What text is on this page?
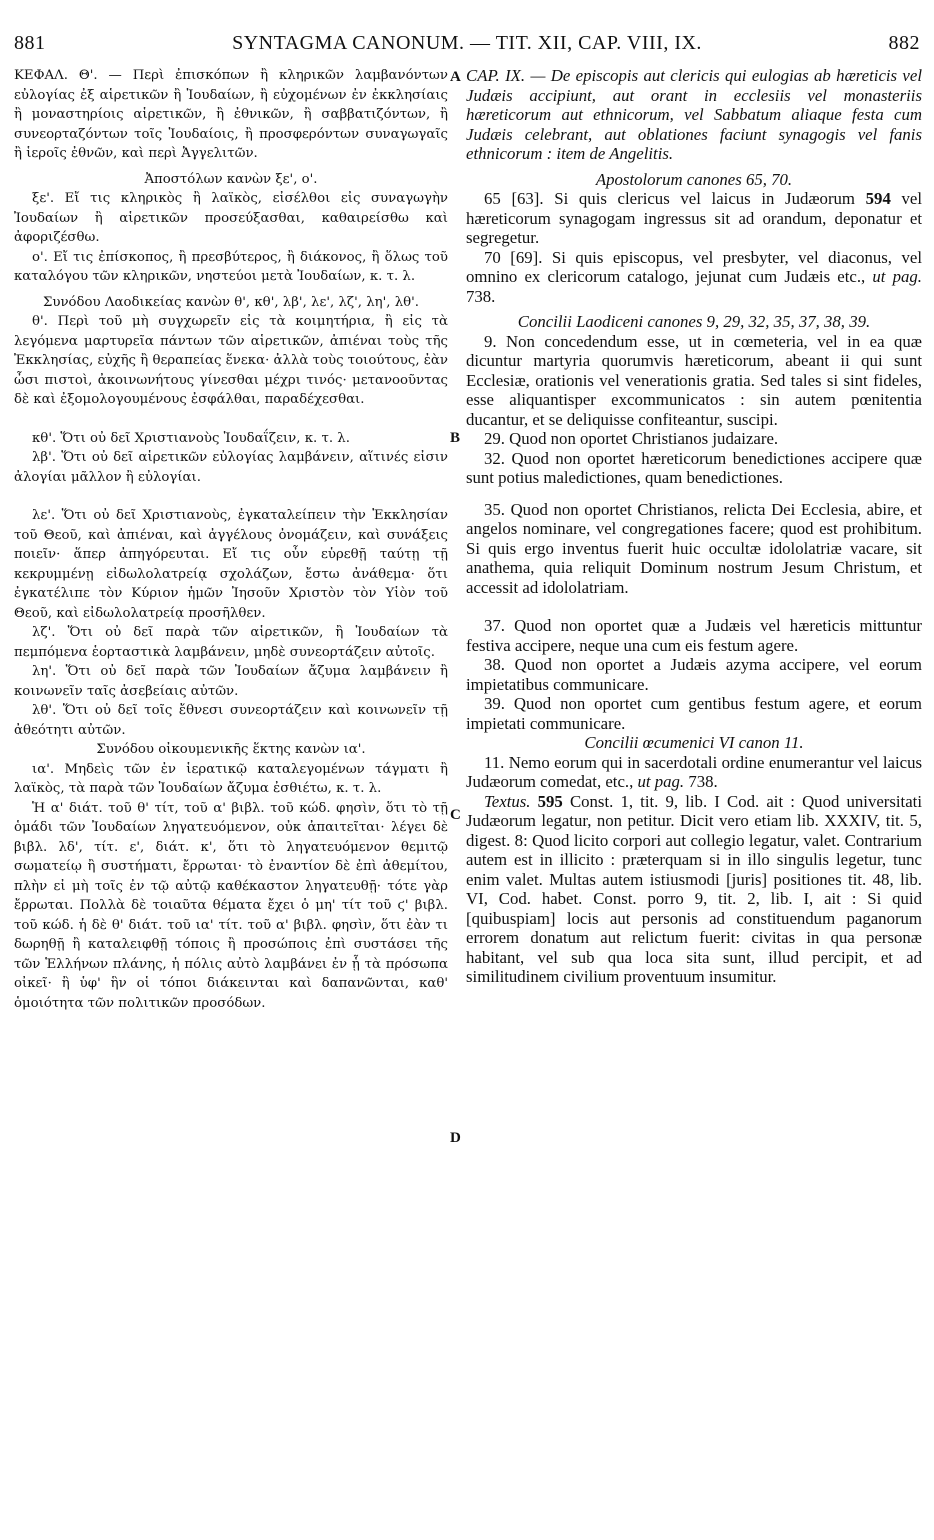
881	SYNTAGMA CANONUM. — TIT. XII, CAP. VIII, IX.	882
A
B
C
D

ΚΕΦΑΛ. Θ'. — Περὶ ἐπισκόπων ἢ κληρικῶν λαμβανόντων εὐλογίας ἐξ αἱρετικῶν ἢ Ἰουδαίων, ἢ εὐχομένων ἐν ἐκκλησίαις ἢ μοναστηρίοις αἱρετικῶν, ἢ ἐθνικῶν, ἢ σαββατιζόντων, ἢ συνεορταζόντων τοῖς Ἰουδαίοις, ἢ προσφερόντων συναγωγαῖς ἢ ἱεροῖς ἐθνῶν, καὶ περὶ Ἀγγελιτῶν.

Ἀποστόλων κανὼν ξε', ο'.

ξε'. Εἴ τις κληρικὸς ἢ λαϊκὸς, εἰσέλθοι εἰς συναγωγὴν Ἰουδαίων ἢ αἱρετικῶν προσεύξασθαι, καθαιρείσθω καὶ ἀφοριζέσθω.

ο'. Εἴ τις ἐπίσκοπος, ἢ πρεσβύτερος, ἢ διάκονος, ἢ ὅλως τοῦ καταλόγου τῶν κληρικῶν, νηστεύοι μετὰ Ἰουδαίων, κ. τ. λ.

Συνόδου Λαοδικείας κανὼν θ', κθ', λβ', λε', λζ', λη', λθ'.

θ'. Περὶ τοῦ μὴ συγχωρεῖν εἰς τὰ κοιμητήρια, ἢ εἰς τὰ λεγόμενα μαρτυρεῖα πάντων τῶν αἱρετικῶν, ἀπιέναι τοὺς τῆς Ἐκκλησίας, εὐχῆς ἢ θεραπείας ἕνεκα· ἀλλὰ τοὺς τοιούτους, ἐὰν ὦσι πιστοὶ, ἀκοινωνήτους γίνεσθαι μέχρι τινός· μετανοοῦντας δὲ καὶ ἐξομολογουμένους ἐσφάλθαι, παραδέχεσθαι.

κθ'. Ὅτι οὐ δεῖ Χριστιανοὺς Ἰουδαΐζειν, κ. τ. λ.

λβ'. Ὅτι οὐ δεῖ αἱρετικῶν εὐλογίας λαμβάνειν, αἵτινές εἰσιν ἀλογίαι μᾶλλον ἢ εὐλογίαι.

λε'. Ὅτι οὐ δεῖ Χριστιανοὺς, ἐγκαταλείπειν τὴν Ἐκκλησίαν τοῦ Θεοῦ, καὶ ἀπιέναι, καὶ ἀγγέλους ὀνομάζειν, καὶ συνάξεις ποιεῖν· ἅπερ ἀπηγόρευται. Εἴ τις οὖν εὑρεθῇ ταύτῃ τῇ κεκρυμμένῃ εἰδωλολατρείᾳ σχολάζων, ἔστω ἀνάθεμα· ὅτι ἐγκατέλιπε τὸν Κύριον ἡμῶν Ἰησοῦν Χριστὸν τὸν Υἱὸν τοῦ Θεοῦ, καὶ εἰδωλολατρείᾳ προσῆλθεν.

λζ'. Ὅτι οὐ δεῖ παρὰ τῶν αἱρετικῶν, ἢ Ἰουδαίων τὰ πεμπόμενα ἑορταστικὰ λαμβάνειν, μηδὲ συνεορτάζειν αὐτοῖς.

λη'. Ὅτι οὐ δεῖ παρὰ τῶν Ἰουδαίων ἄζυμα λαμβάνειν ἢ κοινωνεῖν ταῖς ἀσεβείαις αὐτῶν.

λθ'. Ὅτι οὐ δεῖ τοῖς ἔθνεσι συνεορτάζειν καὶ κοινωνεῖν τῇ ἀθεότητι αὐτῶν.

Συνόδου οἰκουμενικῆς ἕκτης κανὼν ια'.

ια'. Μηδεὶς τῶν ἐν ἱερατικῷ καταλεγομένων τάγματι ἢ λαϊκὸς, τὰ παρὰ τῶν Ἰουδαίων ἄζυμα ἐσθιέτω, κ. τ. λ.

Ἡ α' διάτ. τοῦ θ' τίτ, τοῦ α' βιβλ. τοῦ κώδ. φησὶν, ὅτι τὸ τῇ ὁμάδι τῶν Ἰουδαίων ληγατευόμενον, οὐκ ἀπαιτεῖται· λέγει δὲ βιβλ. λδ', τίτ. ε', διάτ. κ', ὅτι τὸ ληγατευόμενον θεμιτῷ σωματείῳ ἢ συστήματι, ἔρρωται· τὸ ἐναντίον δὲ ἐπὶ ἀθεμίτου, πλὴν εἰ μὴ τοῖς ἐν τῷ αὐτῷ καθέκαστον ληγατευθῇ· τότε γὰρ ἔρρωται. Πολλὰ δὲ τοιαῦτα θέματα ἔχει ὁ μη' τίτ τοῦ ϛ' βιβλ. τοῦ κώδ. ἡ δὲ θ' διάτ. τοῦ ια' τίτ. τοῦ α' βιβλ. φησὶν, ὅτι ἐὰν τι δωρηθῇ ἢ καταλειφθῇ τόποις ἢ προσώποις ἐπὶ συστάσει τῆς τῶν Ἑλλήνων πλάνης, ἡ πόλις αὐτὸ λαμβάνει ἐν ᾗ τὰ πρόσωπα οἰκεῖ· ἢ ὑφ' ἣν οἱ τόποι διάκεινται καὶ δαπανῶνται, καθ' ὁμοιότητα τῶν πολιτικῶν προσόδων.

CAP. IX. — De episcopis aut clericis qui eulogias ab hæreticis vel Judæis accipiunt, aut orant in ecclesiis vel monasteriis hæreticorum aut ethnicorum, vel Sabbatum aliaque festa cum Judæis celebrant, aut oblationes faciunt synagogis vel fanis ethnicorum : item de Angelitis.

Apostolorum canones 65, 70.

65 [63]. Si quis clericus vel laicus in Judæorum 594 vel hæreticorum synagogam ingressus sit ad orandum, deponatur et segregetur.

70 [69]. Si quis episcopus, vel presbyter, vel diaconus, vel omnino ex clericorum catalogo, jejunat cum Judæis etc., ut pag. 738.

Concilii Laodiceni canones 9, 29, 32, 35, 37, 38, 39.

9. Non concedendum esse, ut in cœmeteria, vel in ea quæ dicuntur martyria quorumvis hæreticorum, abeant ii qui sunt Ecclesiæ, orationis vel venerationis gratia. Sed tales si sint fideles, esse aliquantisper excommunicatos : sin autem pœnitentia ducantur, et se deliquisse confiteantur, suscipi.

29. Quod non oportet Christianos judaizare.

32. Quod non oportet hæreticorum benedictiones accipere quæ sunt potius maledictiones, quam benedictiones.

35. Quod non oportet Christianos, relicta Dei Ecclesia, abire, et angelos nominare, vel congregationes facere; quod est prohibitum. Si quis ergo inventus fuerit huic occultæ idololatriæ vacare, sit anathema, quia reliquit Dominum nostrum Jesum Christum, et accessit ad idololatriam.

37. Quod non oportet quæ a Judæis vel hæreticis mittuntur festiva accipere, neque una cum eis festum agere.

38. Quod non oportet a Judæis azyma accipere, vel eorum impietatibus communicare.

39. Quod non oportet cum gentibus festum agere, et eorum impietati communicare.

Concilii œcumenici VI canon 11.

11. Nemo eorum qui in sacerdotali ordine enumerantur vel laicus Judæorum comedat, etc., ut pag. 738.

Textus. 595 Const. 1, tit. 9, lib. I Cod. ait : Quod universitati Judæorum legatur, non petitur. Dicit vero etiam lib. XXXIV, tit. 5, digest. 8: Quod licito corpori aut collegio legatur, valet. Contrarium autem est in illicito : præterquam si in illo singulis legetur, tunc enim valet. Multas autem istiusmodi [juris] positiones tit. 48, lib. VI, Cod. habet. Const. porro 9, tit. 2, lib. I, ait : Si quid [quibuspiam] locis aut personis ad constituendum paganorum errorem donatum aut relictum fuerit: civitas in qua personæ habitant, vel sub qua loca sita sunt, illud percipit, et ad similitudinem civilium proventuum insumitur.
